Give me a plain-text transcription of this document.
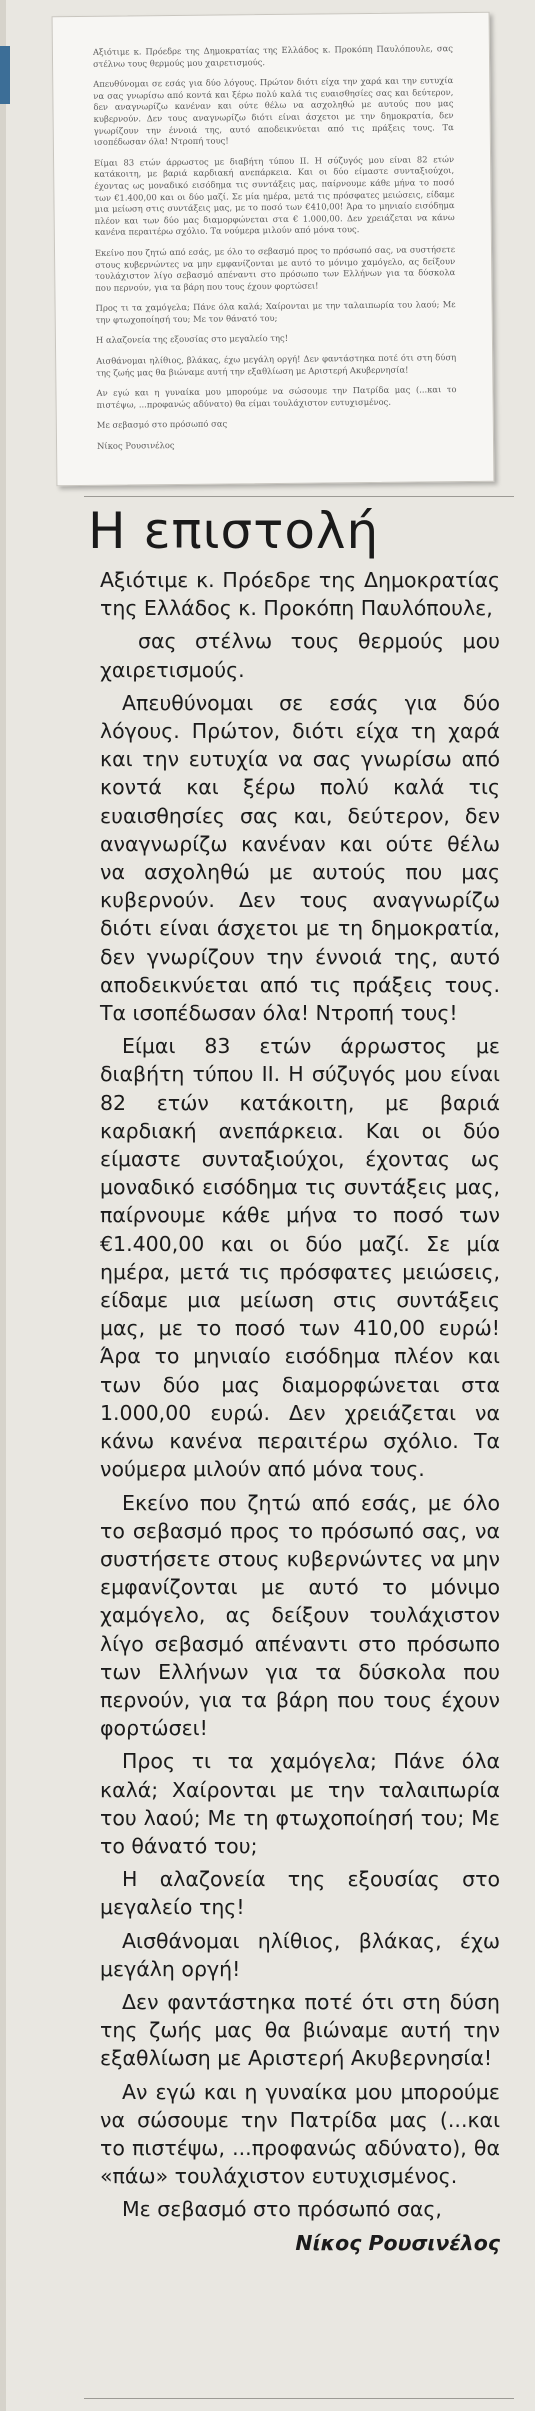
Αξιότιμε κ. Πρόεδρε της Δημοκρατίας της Ελλάδος κ. Προκόπη Παυλόπουλε, σας στέλνω τους θερμούς μου χαιρετισμούς.

Απευθύνομαι σε εσάς για δύο λόγους. Πρώτον διότι είχα την χαρά και την ευτυχία να σας γνωρίσω από κοντά και ξέρω πολύ καλά τις ευαισθησίες σας και δεύτερον, δεν αναγνωρίζω κανέναν και ούτε θέλω να ασχοληθώ με αυτούς που μας κυβερνούν. Δεν τους αναγνωρίζω διότι είναι άσχετοι με την δημοκρατία, δεν γνωρίζουν την έννοιά της, αυτό αποδεικνύεται από τις πράξεις τους. Τα ισοπέδωσαν όλα! Ντροπή τους!

Είμαι 83 ετών άρρωστος με διαβήτη τύπου ΙΙ. Η σύζυγός μου είναι 82 ετών κατάκοιτη, με βαριά καρδιακή ανεπάρκεια. Και οι δύο είμαστε συνταξιούχοι, έχοντας ως μοναδικό εισόδημα τις συντάξεις μας, παίρνουμε κάθε μήνα το ποσό των €1.400,00 και οι δύο μαζί. Σε μία ημέρα, μετά τις πρόσφατες μειώσεις, είδαμε μια μείωση στις συντάξεις μας, με το ποσό των €410,00! Άρα το μηνιαίο εισόδημα πλέον και των δύο μας διαμορφώνεται στα € 1.000,00. Δεν χρειάζεται να κάνω κανένα περαιτέρω σχόλιο. Τα νούμερα μιλούν από μόνα τους.

Εκείνο που ζητώ από εσάς, με όλο το σεβασμό προς το πρόσωπό σας, να συστήσετε στους κυβερνώντες να μην εμφανίζονται με αυτό το μόνιμο χαμόγελο, ας δείξουν τουλάχιστον λίγο σεβασμό απέναντι στο πρόσωπο των Ελλήνων για τα δύσκολα που περνούν, για τα βάρη που τους έχουν φορτώσει!

Προς τι τα χαμόγελα; Πάνε όλα καλά; Χαίρονται με την ταλαιπωρία του λαού; Με την φτωχοποίησή του; Με τον θάνατό του;

Η αλαζονεία της εξουσίας στο μεγαλείο της!

Αισθάνομαι ηλίθιος, βλάκας, έχω μεγάλη οργή! Δεν φαντάστηκα ποτέ ότι στη δύση της ζωής μας θα βιώναμε αυτή την εξαθλίωση με Αριστερή Ακυβερνησία!

Αν εγώ και η γυναίκα μου μπορούμε να σώσουμε την Πατρίδα μας (...και το πιστέψω, ...προφανώς αδύνατο) θα είμαι τουλάχιστον ευτυχισμένος.

Με σεβασμό στο πρόσωπό σας

Νίκος Ρουσινέλος

Η επιστολή

Αξιότιμε κ. Πρόεδρε της Δημοκρατίας της Ελλάδος κ. Προκόπη Παυλόπουλε,

σας στέλνω τους θερμούς μου χαιρετισμούς.

Απευθύνομαι σε εσάς για δύο λόγους. Πρώτον, διότι είχα τη χαρά και την ευτυχία να σας γνωρίσω από κοντά και ξέρω πολύ καλά τις ευαισθησίες σας και, δεύτερον, δεν αναγνωρίζω κανέναν και ούτε θέλω να ασχοληθώ με αυτούς που μας κυβερνούν. Δεν τους αναγνωρίζω διότι είναι άσχετοι με τη δημοκρατία, δεν γνωρίζουν την έννοιά της, αυτό αποδεικνύεται από τις πράξεις τους. Τα ισοπέδωσαν όλα! Ντροπή τους!

Είμαι 83 ετών άρρωστος με διαβήτη τύπου II. Η σύζυγός μου είναι 82 ετών κατάκοιτη, με βαριά καρδιακή ανεπάρκεια. Και οι δύο είμαστε συνταξιούχοι, έχοντας ως μοναδικό εισόδημα τις συντάξεις μας, παίρνουμε κάθε μήνα το ποσό των €1.400,00 και οι δύο μαζί. Σε μία ημέρα, μετά τις πρόσφατες μειώσεις, είδαμε μια μείωση στις συντάξεις μας, με το ποσό των 410,00 ευρώ! Άρα το μηνιαίο εισόδημα πλέον και των δύο μας διαμορφώνεται στα 1.000,00 ευρώ. Δεν χρειάζεται να κάνω κανένα περαιτέρω σχόλιο. Τα νούμερα μιλούν από μόνα τους.

Εκείνο που ζητώ από εσάς, με όλο το σεβασμό προς το πρόσωπό σας, να συστήσετε στους κυβερνώντες να μην εμφανίζονται με αυτό το μόνιμο χαμόγελο, ας δείξουν τουλάχιστον λίγο σεβασμό απέναντι στο πρόσωπο των Ελλήνων για τα δύσκολα που περνούν, για τα βάρη που τους έχουν φορτώσει!

Προς τι τα χαμόγελα; Πάνε όλα καλά; Χαίρονται με την ταλαιπωρία του λαού; Με τη φτωχοποίησή του; Με το θάνατό του;

Η αλαζονεία της εξουσίας στο μεγαλείο της!

Αισθάνομαι ηλίθιος, βλάκας, έχω μεγάλη οργή!

Δεν φαντάστηκα ποτέ ότι στη δύση της ζωής μας θα βιώναμε αυτή την εξαθλίωση με Αριστερή Ακυβερνησία!

Αν εγώ και η γυναίκα μου μπορούμε να σώσουμε την Πατρίδα μας (...και το πιστέψω, ...προφανώς αδύνατο), θα «πάω» τουλάχιστον ευτυχισμένος.

Με σεβασμό στο πρόσωπό σας,

Νίκος Ρουσινέλος
